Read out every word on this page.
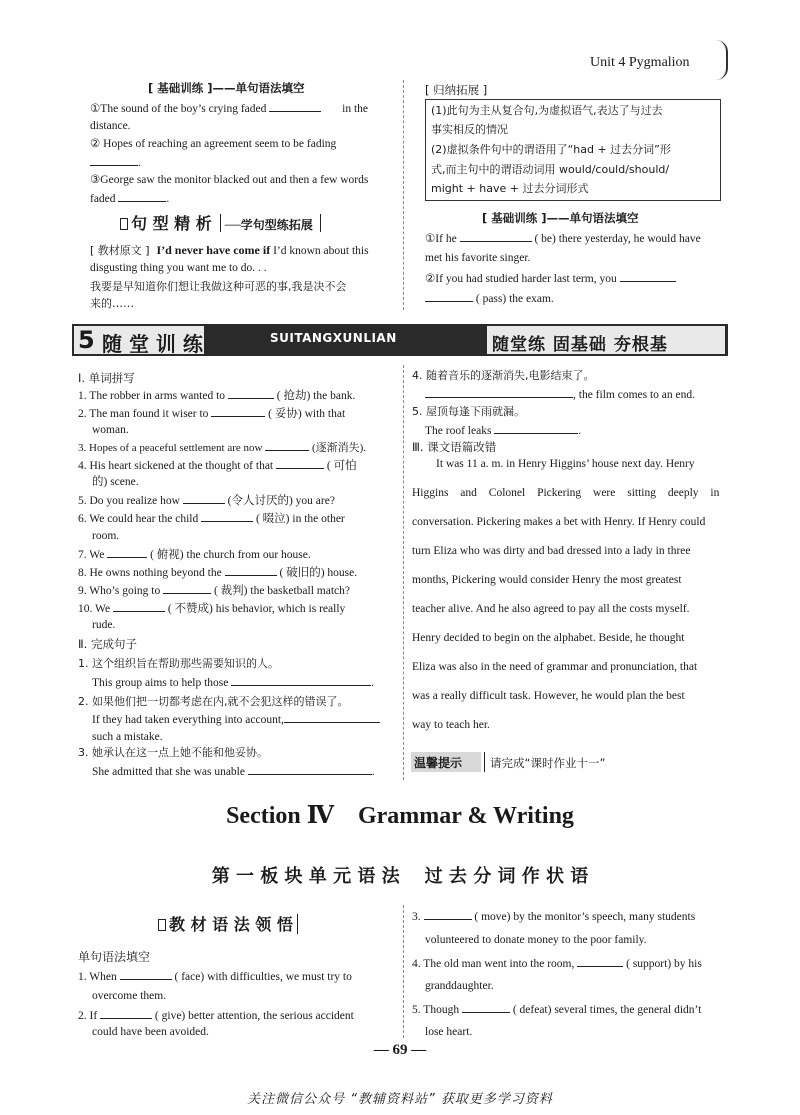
Unit 4 Pygmalion
[ 基础训练 ]——单句语法填空
①The sound of the boy’s crying faded	in the
distance.
② Hopes of reaching an agreement seem to be fading
.
③George saw the monitor blacked out and then a few words
faded	.
句 型 精 析 —学句型练拓展
[ 教材原文 ] I’d never have come if I’d known about this
disgusting thing you want me to do. . .
我要是早知道你们想让我做这种可恶的事,我是决不会
来的……
[ 归纳拓展 ]
(1)此句为主从复合句,为虚拟语气,表达了与过去
事实相反的情况
(2)虚拟条件句中的谓语用了“had + 过去分词”形
式,而主句中的谓语动词用 would/could/should/
might + have + 过去分词形式
[ 基础训练 ]——单句语法填空
①If he	( be) there yesterday, he would have
met his favorite singer.
②If you had studied harder last term, you
( pass) the exam.
5 随 堂 训 练	SUITANGXUNLIAN	随堂练 固基础 夯根基
Ⅰ. 单词拼写
1. The robber in arms wanted to	( 抢劫) the bank.
2. The man found it wiser to	( 妥协) with that
woman.
3. Hopes of a peaceful settlement are now	(逐渐消失).
4. His heart sickened at the thought of that	( 可怕
的) scene.
5. Do you realize how	(令人讨厌的) you are?
6. We could hear the child	( 啜泣) in the other
room.
7. We	( 俯视) the church from our house.
8. He owns nothing beyond the	( 破旧的) house.
9. Who’s going to	( 裁判) the basketball match?
10. We	( 不赞成) his behavior, which is really
rude.
Ⅱ. 完成句子
1. 这个组织旨在帮助那些需要知识的人。
This group aims to help those	.
2. 如果他们把一切都考虑在内,就不会犯这样的错误了。
If they had taken everything into account,
such a mistake.
3. 她承认在这一点上她不能和他妥协。
She admitted that she was unable	.
4. 随着音乐的逐渐消失,电影结束了。
, the film comes to an end.
5. 屋顶每逢下雨就漏。
The roof leaks	.
Ⅲ. 课文语篇改错
It was 11 a. m. in Henry Higgins’ house next day. Henry
Higgins and Colonel Pickering were sitting deeply in
conversation. Pickering makes a bet with Henry. If Henry could
turn Eliza who was dirty and bad dressed into a lady in three
months, Pickering would consider Henry the most greatest
teacher alive. And he also agreed to pay all the costs myself.
Henry decided to begin on the alphabet. Beside, he thought
Eliza was also in the need of grammar and pronunciation, that
was a really difficult task. However, he would plan the best
way to teach her.
温馨提示 请完成“课时作业十一”
Section Ⅳ    Grammar & Writing
第 一 板 块 单 元 语 法    过 去 分 词 作 状 语
教 材 语 法 领 悟
单句语法填空
1. When	( face) with difficulties, we must try to
overcome them.
2. If	( give) better attention, the serious accident
could have been avoided.
3.	( move) by the monitor’s speech, many students
volunteered to donate money to the poor family.
4. The old man went into the room,	( support) by his
granddaughter.
5. Though	( defeat) several times, the general didn’t
lose heart.
— 69 —
关注微信公众号 “教辅资料站” 获取更多学习资料
